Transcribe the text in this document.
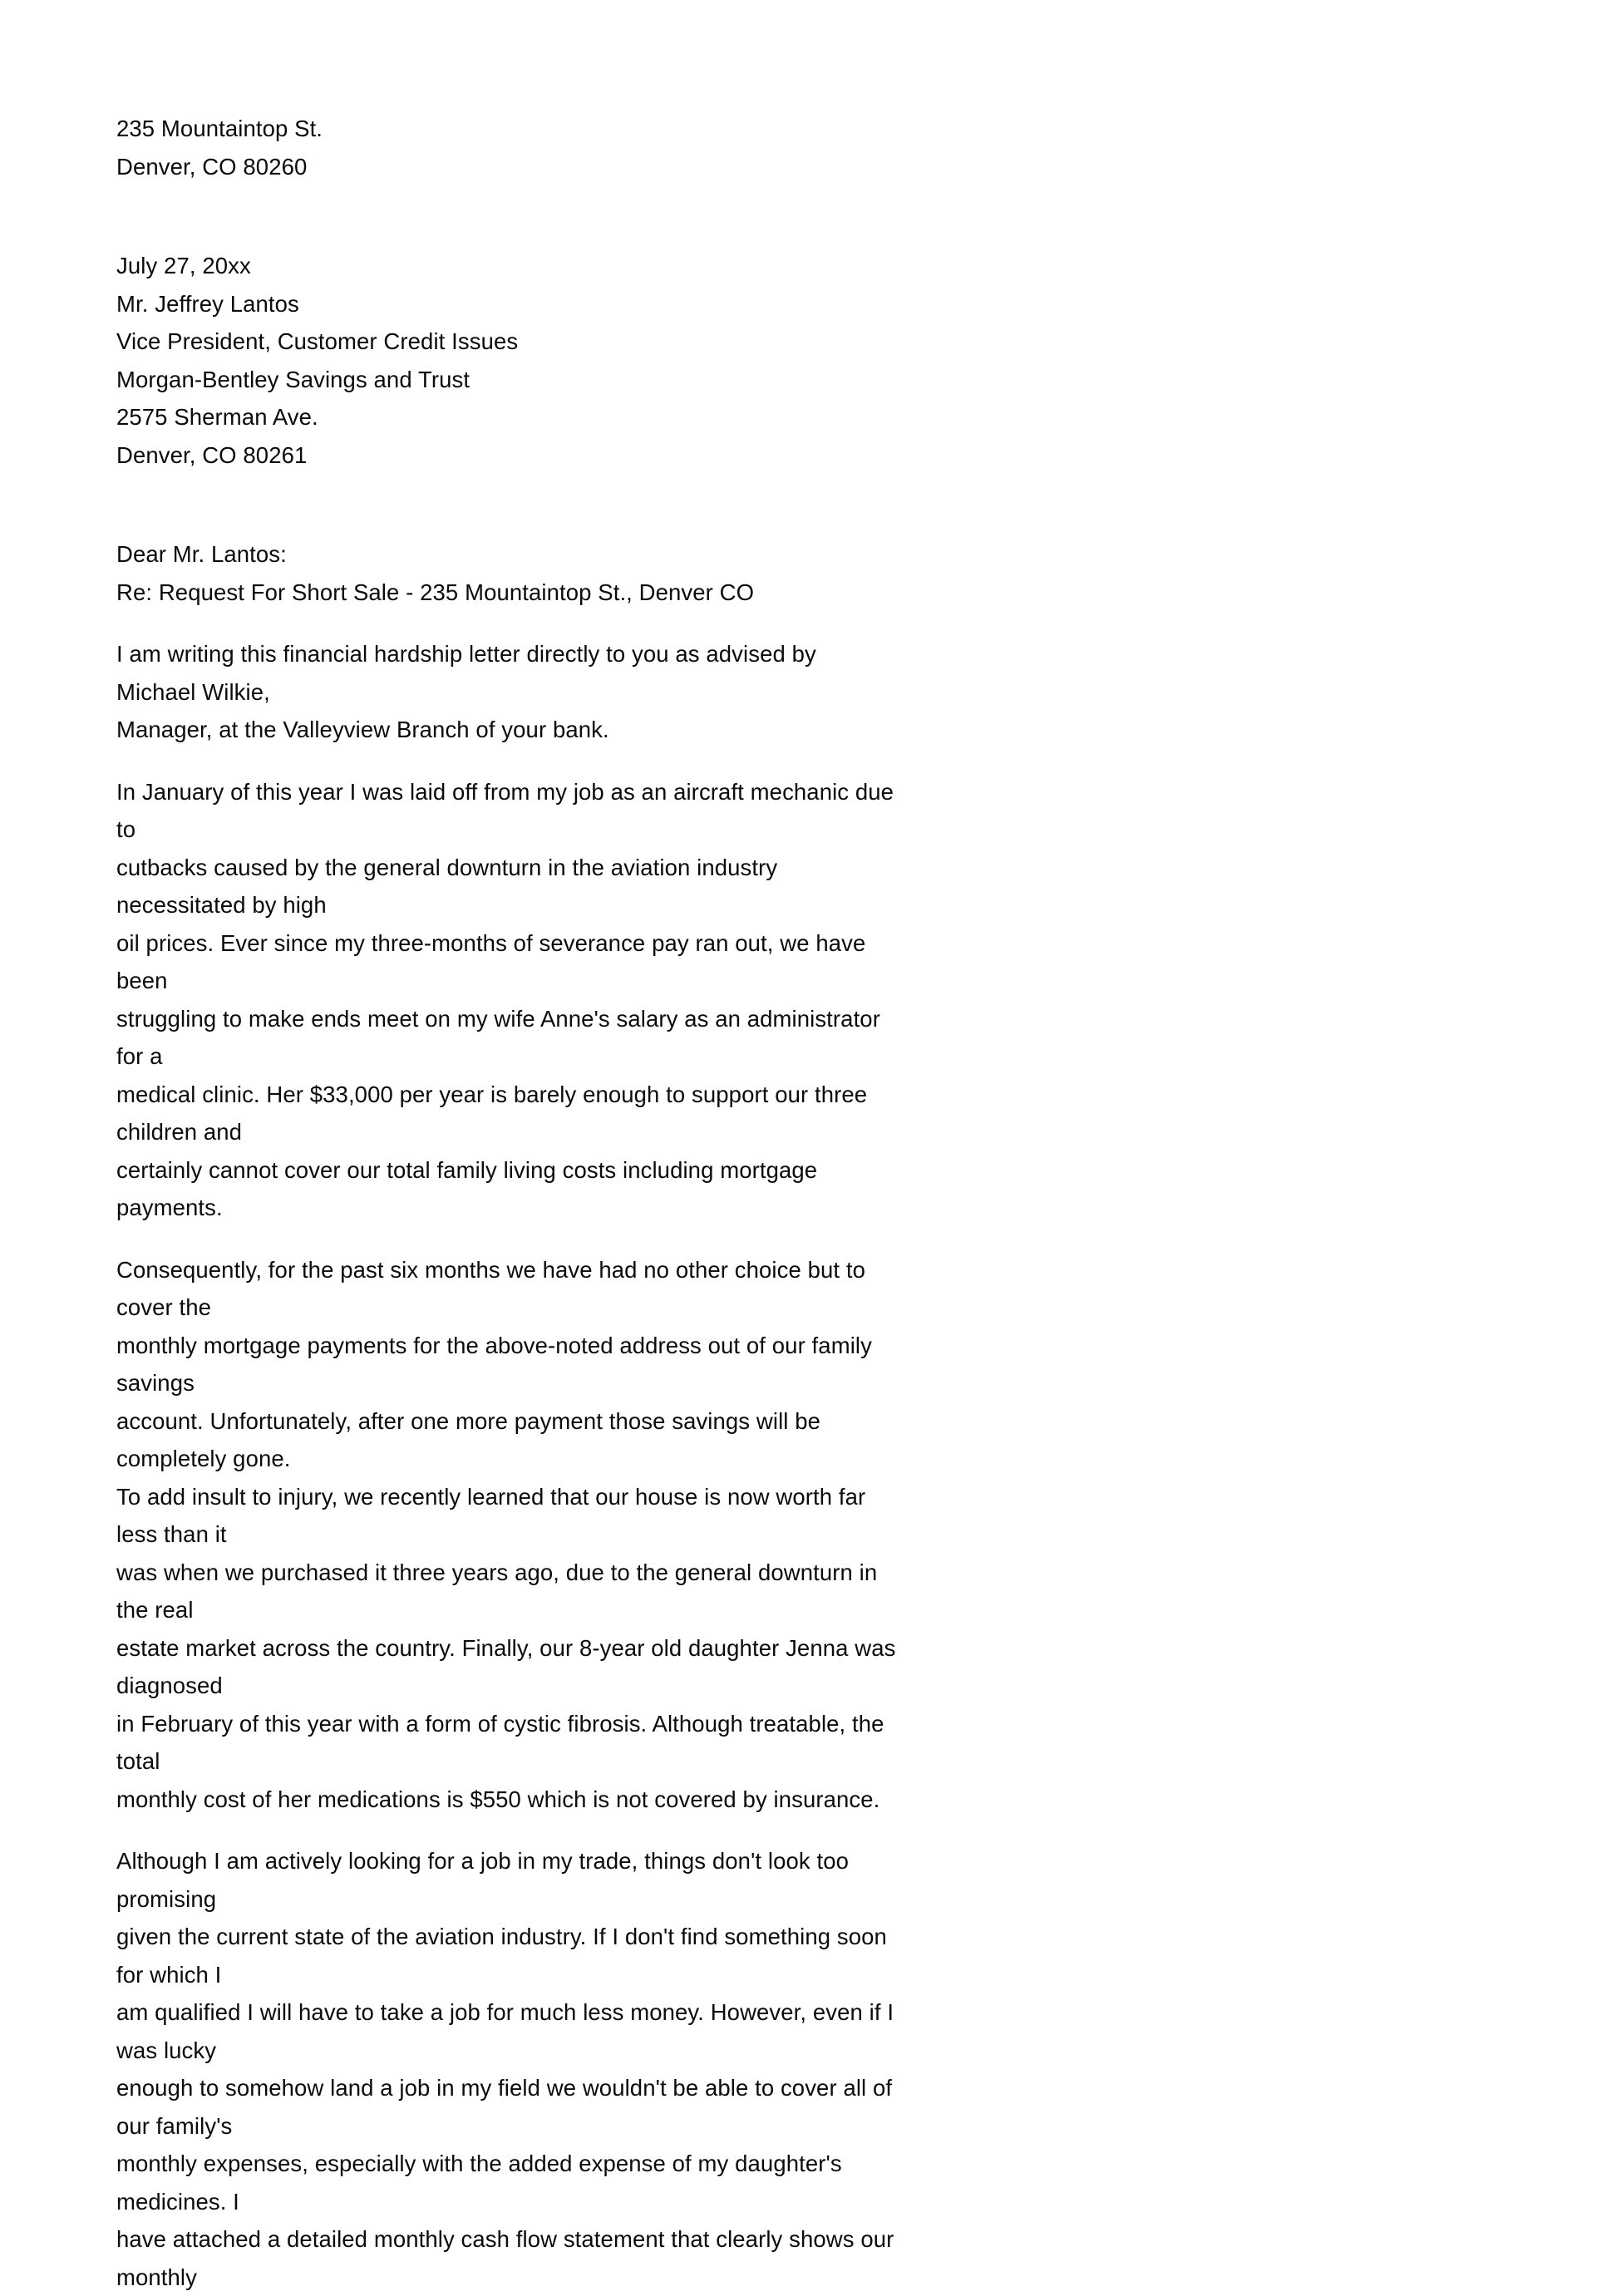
235 Mountaintop St.
Denver, CO 80260
July 27, 20xx
Mr. Jeffrey Lantos
Vice President, Customer Credit Issues
Morgan-Bentley Savings and Trust
2575 Sherman Ave.
Denver, CO 80261
Dear Mr. Lantos:
Re: Request For Short Sale - 235 Mountaintop St., Denver CO
I am writing this financial hardship letter directly to you as advised by Michael Wilkie,
Manager, at the Valleyview Branch of your bank.
In January of this year I was laid off from my job as an aircraft mechanic due to
cutbacks caused by the general downturn in the aviation industry necessitated by high
oil prices. Ever since my three-months of severance pay ran out, we have been
struggling to make ends meet on my wife Anne's salary as an administrator for a
medical clinic. Her $33,000 per year is barely enough to support our three children and
certainly cannot cover our total family living costs including mortgage payments.
Consequently, for the past six months we have had no other choice but to cover the
monthly mortgage payments for the above-noted address out of our family savings
account. Unfortunately, after one more payment those savings will be completely gone.
To add insult to injury, we recently learned that our house is now worth far less than it
was when we purchased it three years ago, due to the general downturn in the real
estate market across the country. Finally, our 8-year old daughter Jenna was diagnosed
in February of this year with a form of cystic fibrosis. Although treatable, the total
monthly cost of her medications is $550 which is not covered by insurance.
Although I am actively looking for a job in my trade, things don't look too promising
given the current state of the aviation industry. If I don't find something soon for which I
am qualified I will have to take a job for much less money. However, even if I was lucky
enough to somehow land a job in my field we wouldn't be able to cover all of our family's
monthly expenses, especially with the added expense of my daughter's medicines. I
have attached a detailed monthly cash flow statement that clearly shows our monthly
